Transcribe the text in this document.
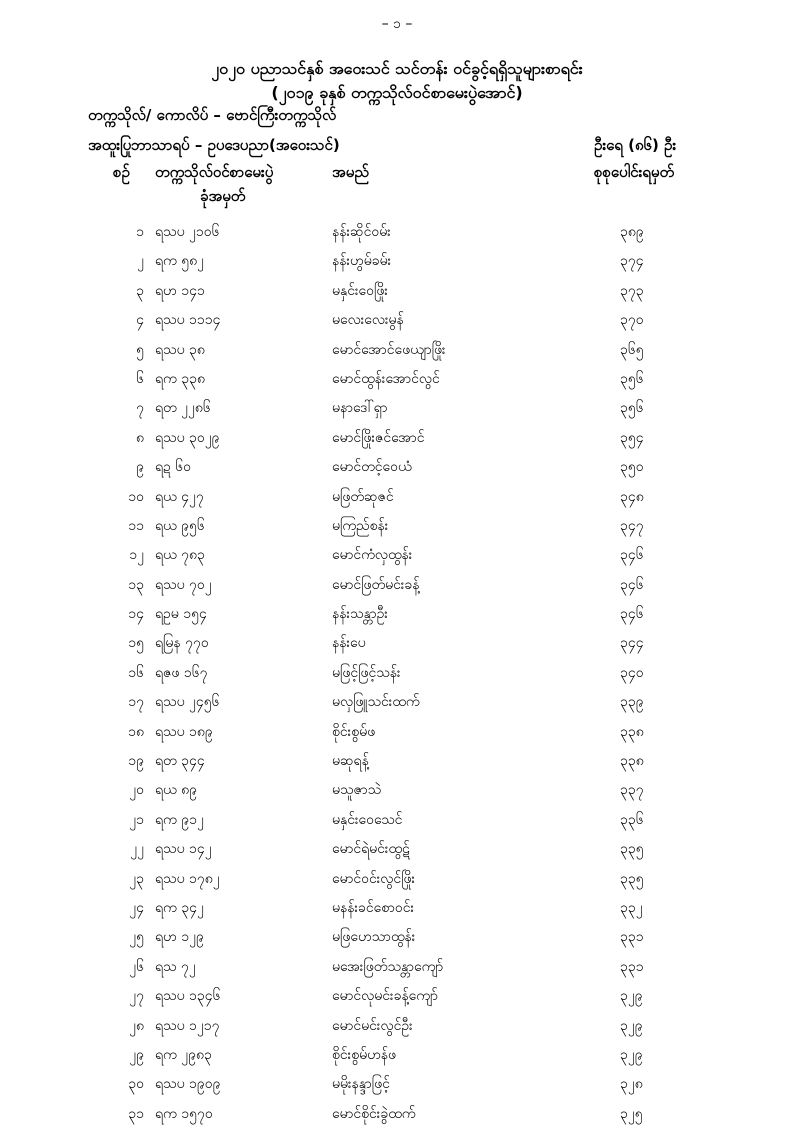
– ၁ –
၂၀၂၀ ပညာသင်နှစ် အဝေးသင် သင်တန်း ဝင်ခွင့်ရရှိသူများစာရင်း
(၂၀၁၉ ခုနှစ် တက္ကသိုလ်ဝင်စာမေးပွဲအောင်)
တက္ကသိုလ်/ ကောလိပ် – ဗောင်ကြီးတက္ကသိုလ်
အထူးပြုဘာသာရပ် – ဥပဒေပညာ(အဝေးသင်)	ဦးရေ (၈၆) ဦး
စဉ် တက္ကသိုလ်ဝင်စာမေးပွဲ
ခုံအမှတ်
အမည်	စုစုပေါင်းရမှတ်
၁ ရသပ ၂၁၀၆	နန်းဆိုင်ဝမ်း	၃၈၉
၂ ရက ၅၈၂	နန်းဟွမ်ခမ်း	၃၇၄
၃ ရဟ ၁၄၁	မနှင်းဝေဖြိုး	၃၇၃
၄ ရသပ ၁၁၁၄	မလေးလေးမွန်	၃၇၀
၅ ရသပ ၃၈	မောင်အောင်ဖေယျာဖြိုး	၃၆၅
၆ ရက ၃၃၈	မောင်ထွန်းအောင်လွင်	၃၅၆
၇ ရတ ၂၂၈၆	မနာဒေါ်ရှာ	၃၅၆
၈ ရသပ ၃၀၂၉	မောင်ဖြိုးဇင်အောင်	၃၅၄
၉ ရဍ ၆၀	မောင်တင့်ဝေယံ	၃၅၀
၁၀ ရယ ၄၂၇	မဖြတ်ဆုဇင်	၃၄၈
၁၁ ရယ ၉၅၆	မကြည်စန်း	၃၄၇
၁၂ ရယ ၇၈၃	မောင်ကံလှထွန်း	၃၄၆
၁၃ ရသပ ၇၀၂	မောင်ဖြတ်မင်းခန့်	၃၄၆
၁၄ ရဥမ ၁၅၄	နန်းသန္တာဦး	၃၄၆
၁၅ ရမြန ၇၇၀	နန်းပေ	၃၄၄
၁၆ ရဇဖ ၁၆၇	မဖြင့်ဖြင့်သန်း	၃၄၀
၁၇ ရသပ ၂၄၅၆	မလှဖြူသင်းထက်	၃၃၉
၁၈ ရသပ ၁၈၉	စိုင်းစွမ်ဖ	၃၃၈
၁၉ ရတ ၃၄၄	မဆုရန့်	၃၃၈
၂၀ ရယ ၈၉	မသူဇာသဲ	၃၃၇
၂၁ ရက ၉၁၂	မနှင်းဝေသေင်	၃၃၆
၂၂ ရသပ ၁၄၂	မောင်ရဲမင်းထွဋ်	၃၃၅
၂၃ ရသပ ၁၇၈၂	မောင်ဝင်းလွင်ဖြိုး	၃၃၅
၂၄ ရက ၃၄၂	မနန်းခင်စောဝင်း	၃၃၂
၂၅ ရဟ ၁၂၉	မဖြဟေသာထွန်း	၃၃၁
၂၆ ရသ ၇၂	မအေးဖြတ်သန္တာကျော်	၃၃၁
၂၇ ရသပ ၁၃၄၆	မောင်လုမင်းခန့်ကျော်	၃၂၉
၂၈ ရသပ ၁၂၁၇	မောင်မင်းလွင်ဦး	၃၂၉
၂၉ ရက ၂၉၈၃	စိုင်းစွမ်ဟန်ဖ	၃၂၉
၃၀ ရသပ ၁၉၀၉	မမိုးနန္ဒာဖြင့်	၃၂၈
၃၁ ရက ၁၅၇၀	မောင်စိုင်းခွဲထက်	၃၂၅
